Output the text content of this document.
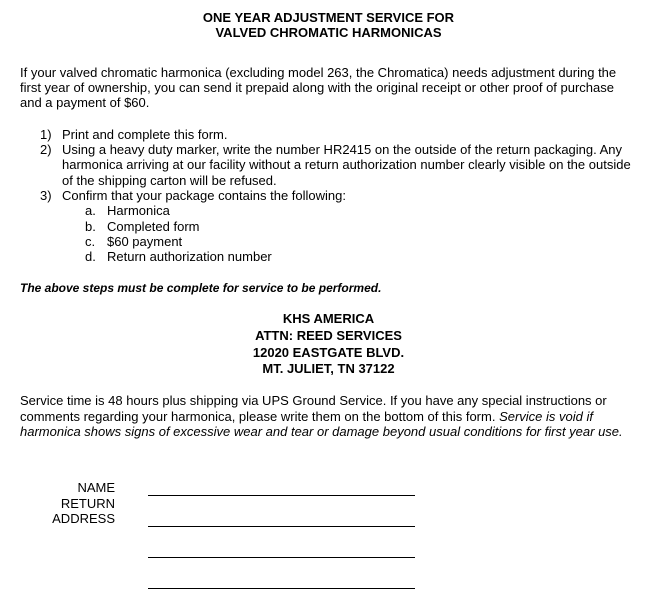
ONE YEAR ADJUSTMENT SERVICE FOR
VALVED CHROMATIC HARMONICAS
If your valved chromatic harmonica (excluding model 263, the Chromatica) needs adjustment during the first year of ownership, you can send it prepaid along with the original receipt or other proof of purchase and a payment of $60.
1) Print and complete this form.
2) Using a heavy duty marker, write the number HR2415 on the outside of the return packaging. Any harmonica arriving at our facility without a return authorization number clearly visible on the outside of the shipping carton will be refused.
3) Confirm that your package contains the following:
a. Harmonica
b. Completed form
c. $60 payment
d. Return authorization number
The above steps must be complete for service to be performed.
KHS AMERICA
ATTN: REED SERVICES
12020 EASTGATE BLVD.
MT. JULIET, TN 37122
Service time is 48 hours plus shipping via UPS Ground Service. If you have any special instructions or comments regarding your harmonica, please write them on the bottom of this form. Service is void if harmonica shows signs of excessive wear and tear or damage beyond usual conditions for first year use.
NAME
RETURN ADDRESS
